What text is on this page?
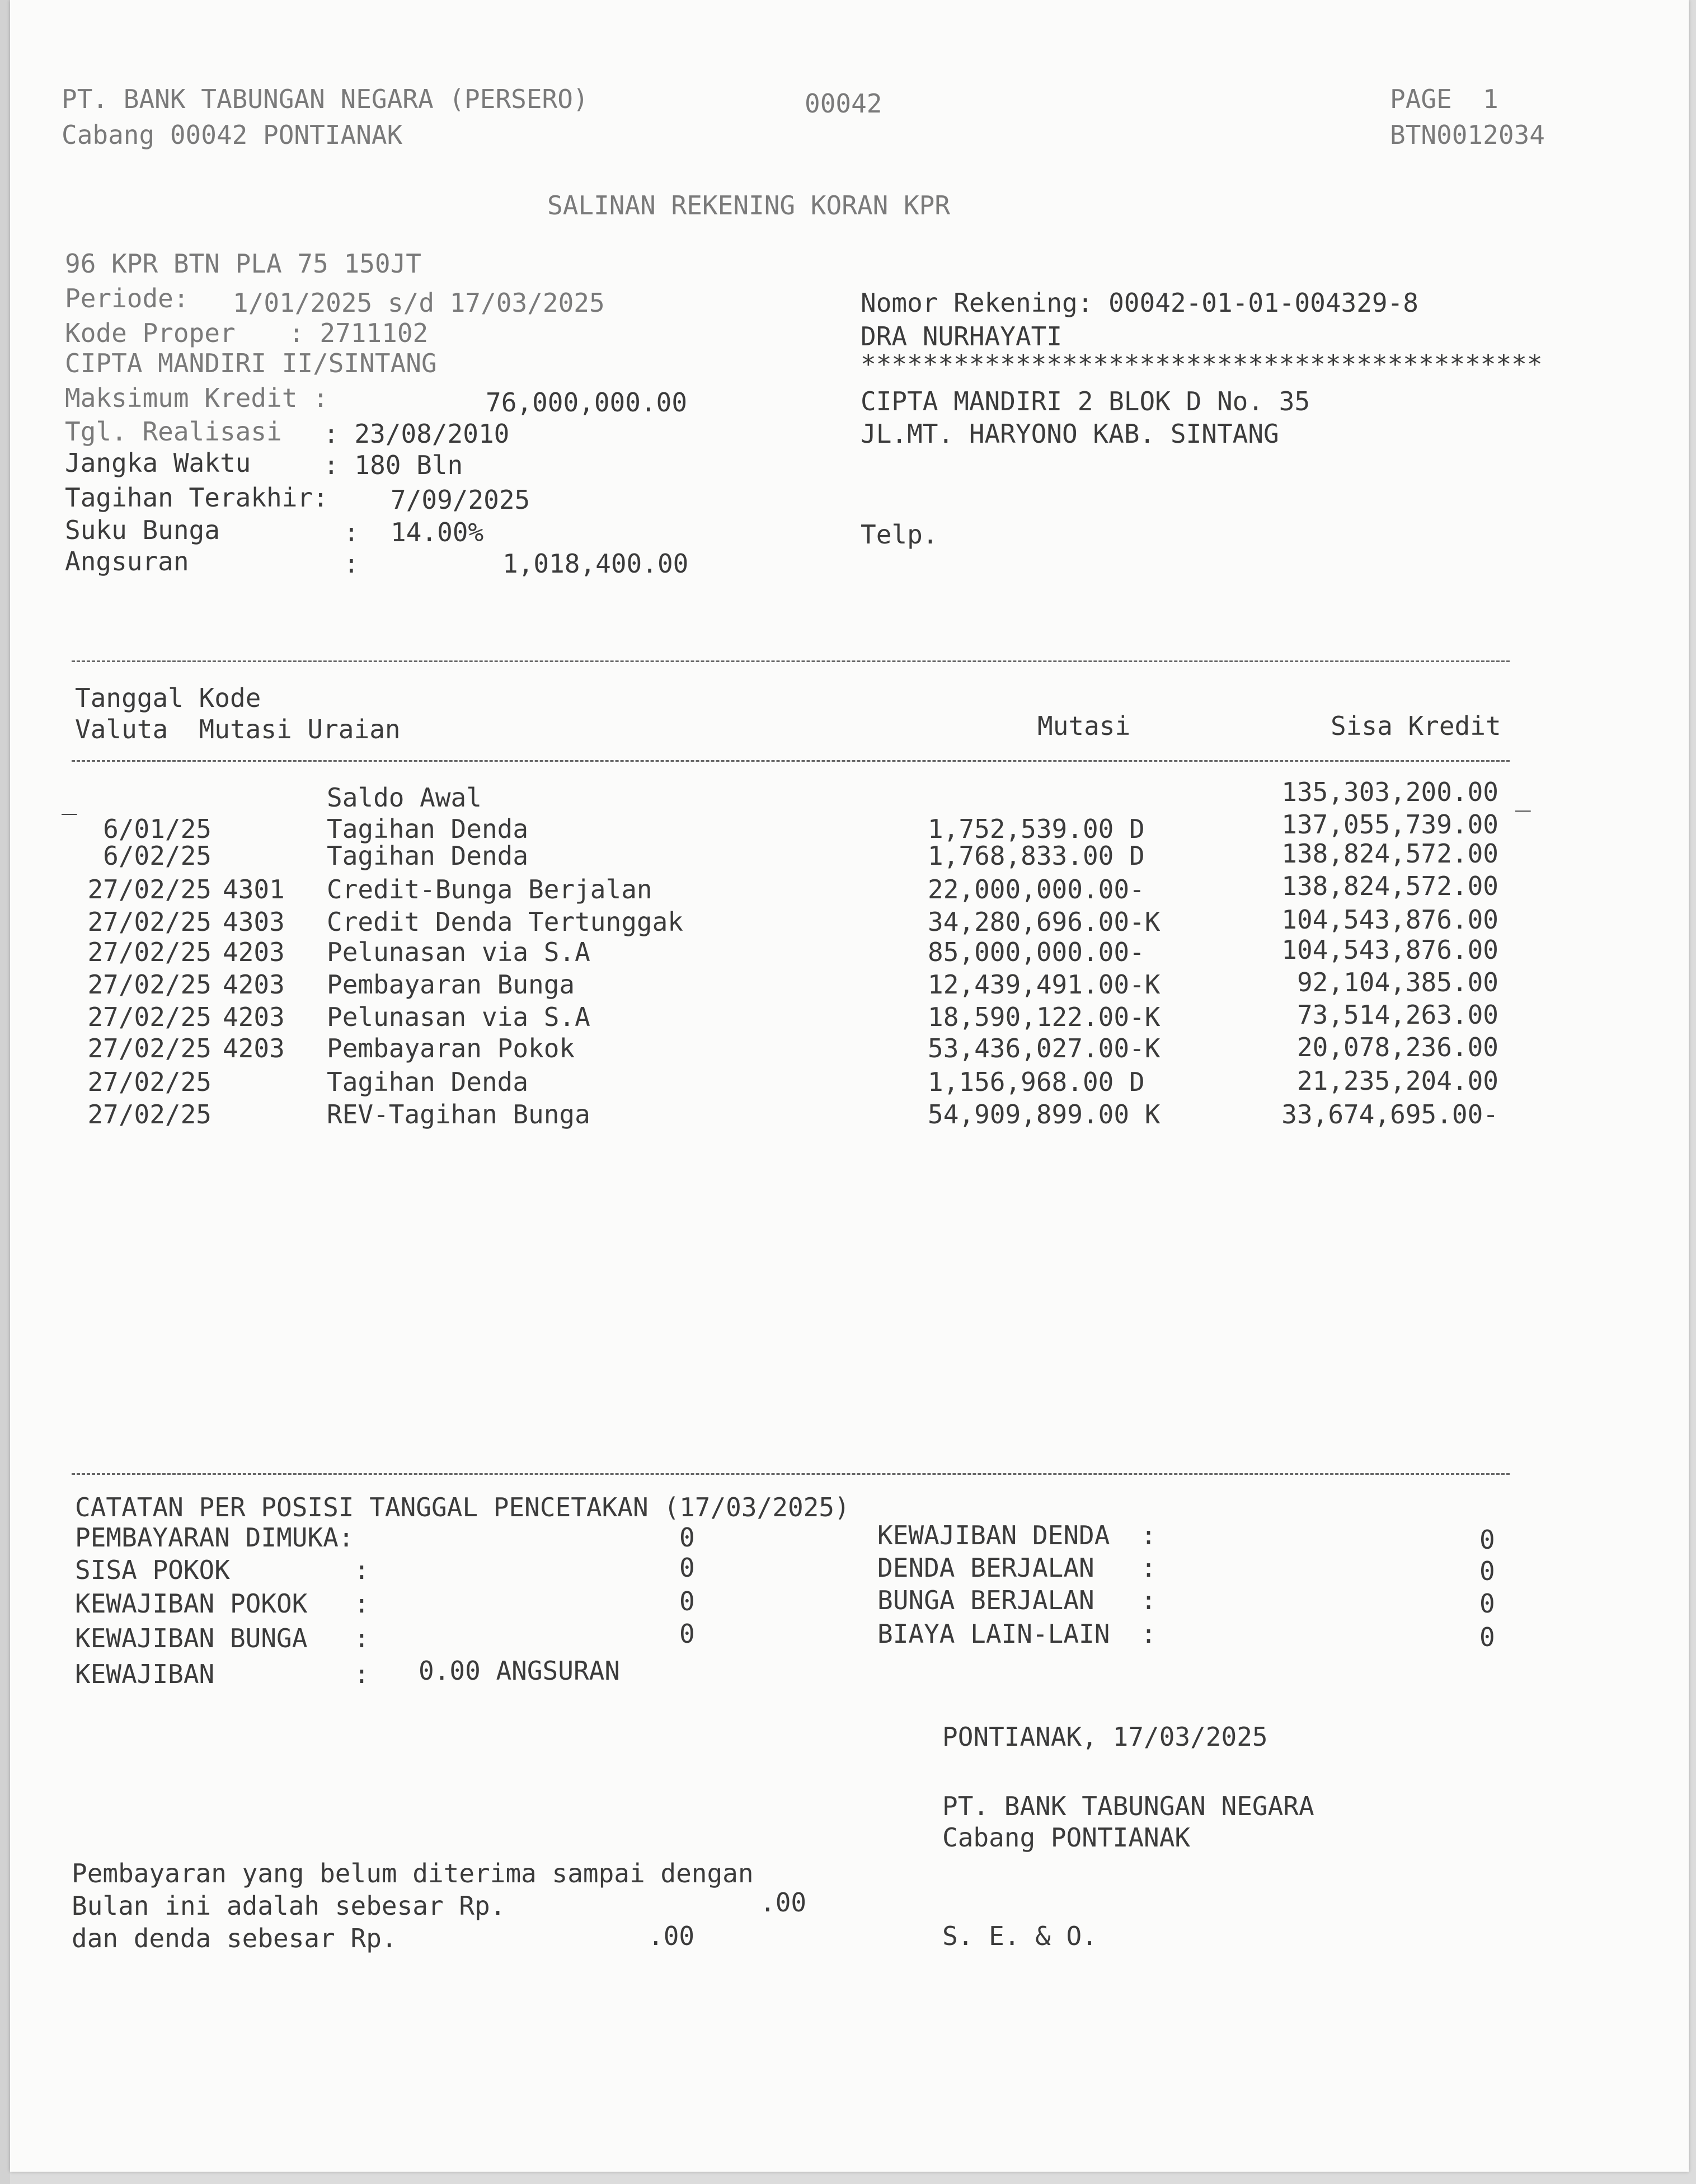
PT. BANK TABUNGAN NEGARA (PERSERO)
Cabang 00042 PONTIANAK
00042	PAGE  1
BTN0012034
SALINAN REKENING KORAN KPR
96 KPR BTN PLA 75 150JT
Periode: 1/01/2025 s/d 17/03/2025
Kode Proper : 2711102
CIPTA MANDIRI II/SINTANG
Maksimum Kredit :	76,000,000.00
Tgl. Realisasi : 23/08/2010
Jangka Waktu	: 180 Bln
Tagihan Terakhir: 7/09/2025
Suku Bunga	: 14.00%
Angsuran	:	1,018,400.00
Nomor Rekening: 00042-01-01-004329-8
DRA NURHAYATI
********************************************
CIPTA MANDIRI 2 BLOK D No. 35
JL.MT. HARYONO KAB. SINTANG
Telp.
Tanggal Kode
Valuta  Mutasi Uraian	Mutasi	Sisa Kredit
_	Saldo Awal	135,303,200.00 _
6/01/25	Tagihan Denda	1,752,539.00 D	137,055,739.00
6/02/25	Tagihan Denda	1,768,833.00 D	138,824,572.00
27/02/25 4301 Credit-Bunga Berjalan	22,000,000.00-	138,824,572.00
27/02/25 4303 Credit Denda Tertunggak	34,280,696.00-K	104,543,876.00
27/02/25 4203 Pelunasan via S.A	85,000,000.00-	104,543,876.00
27/02/25 4203 Pembayaran Bunga	12,439,491.00-K	92,104,385.00
27/02/25 4203 Pelunasan via S.A	18,590,122.00-K	73,514,263.00
27/02/25 4203 Pembayaran Pokok	53,436,027.00-K	20,078,236.00
27/02/25	Tagihan Denda	1,156,968.00 D	21,235,204.00
27/02/25	REV-Tagihan Bunga	54,909,899.00 K	33,674,695.00-
CATATAN PER POSISI TANGGAL PENCETAKAN (17/03/2025)
PEMBAYARAN DIMUKA:	0
SISA POKOK        :	0
KEWAJIBAN POKOK   :	0
KEWAJIBAN BUNGA   :	0
KEWAJIBAN DENDA  :	0
DENDA BERJALAN   :	0
BUNGA BERJALAN   :	0
BIAYA LAIN-LAIN  :	0
KEWAJIBAN         : 0.00 ANGSURAN
PONTIANAK, 17/03/2025
PT. BANK TABUNGAN NEGARA
Cabang PONTIANAK
Pembayaran yang belum diterima sampai dengan
Bulan ini adalah sebesar Rp.	.00
dan denda sebesar Rp.	.00	S. E. & O.
